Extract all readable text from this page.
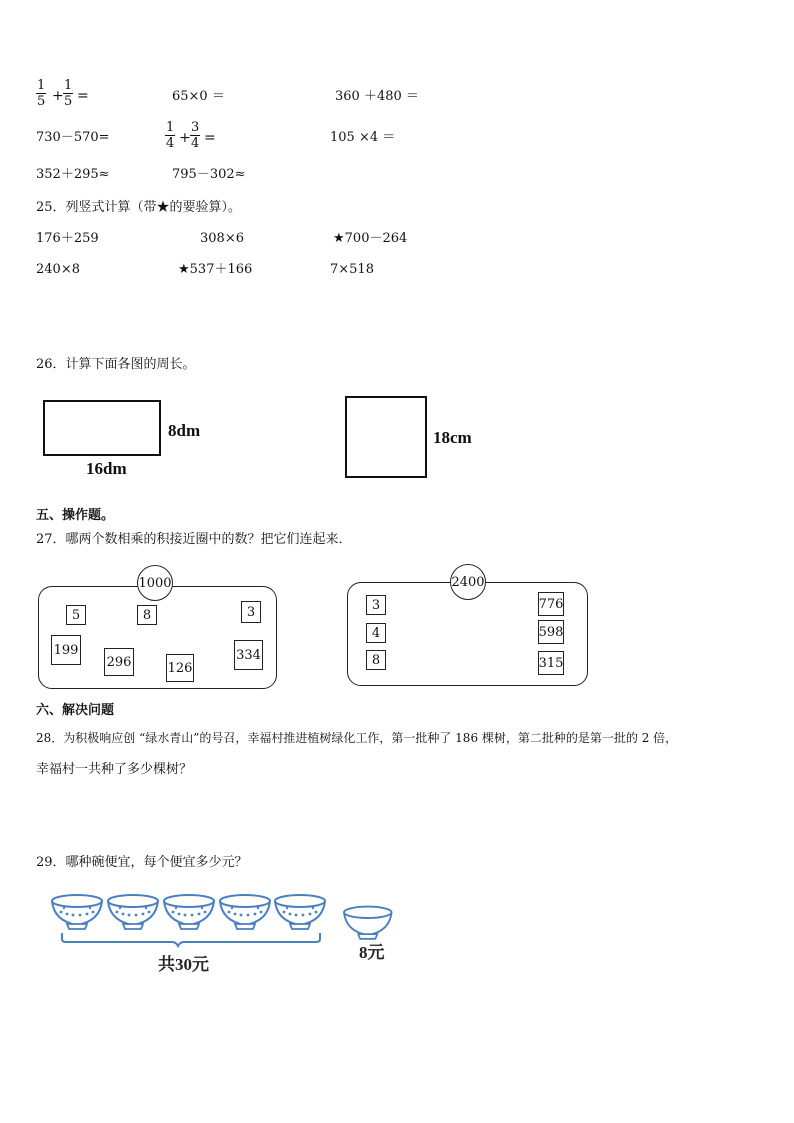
$\frac{1}{5} + \frac{1}{5}$ =	65×0 ＝	360 ＋480 ＝
730－570=	$\frac{1}{4} + \frac{3}{4}$ =	105 ×4 ＝
352＋295≈	795－302≈
25．列竖式计算（带★的要验算）。
176＋259	308×6	★700－264
240×8	★537＋166	7×518
26．计算下面各图的周长。
8dm
16dm
18cm
五、操作题。
27．哪两个数相乘的积接近圈中的数？把它们连起来．
1000
5	8	3
199
296	126
334
2400
3
4
8
776
598
315
六、解决问题
28．为积极响应创 “绿水青山”的号召，幸福村推进植树绿化工作，第一批种了 186 棵树，第二批种的是第一批的 2 倍，
幸福村一共种了多少棵树？
29．哪种碗便宜，每个便宜多少元？
共30元
8元
